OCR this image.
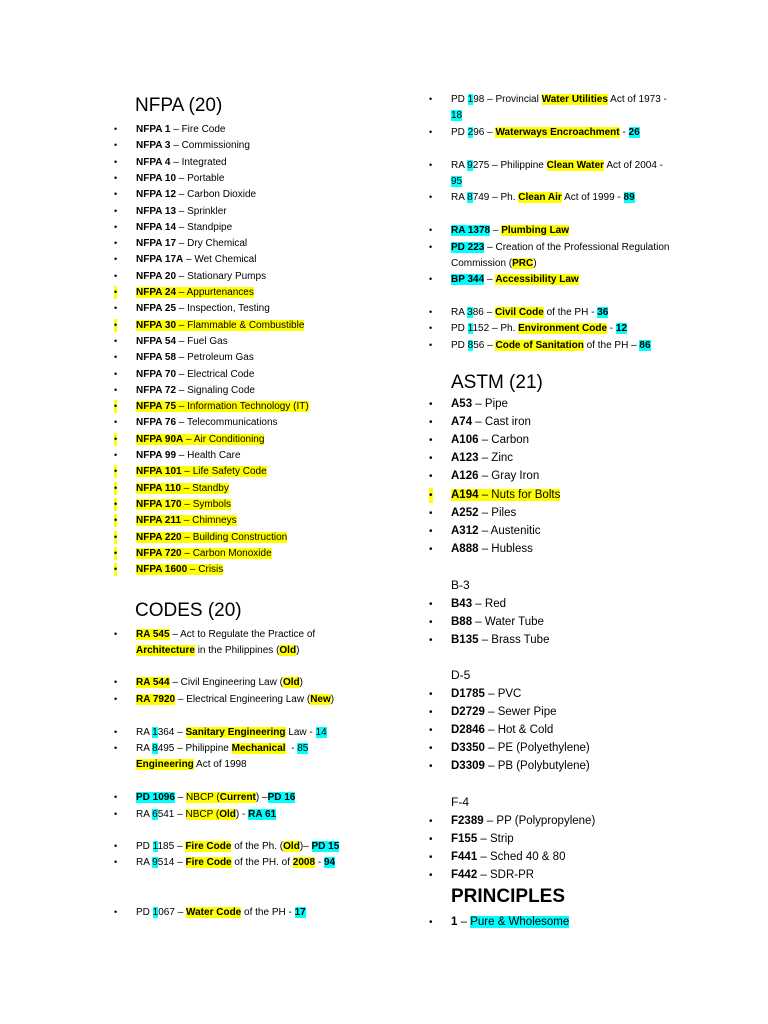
NFPA (20)
• NFPA 1 – Fire Code
• NFPA 3 – Commissioning
• NFPA 4 – Integrated
• NFPA 10 – Portable
• NFPA 12 – Carbon Dioxide
• NFPA 13 – Sprinkler
• NFPA 14 – Standpipe
• NFPA 17 – Dry Chemical
• NFPA 17A – Wet Chemical
• NFPA 20 – Stationary Pumps
• NFPA 24 – Appurtenances
• NFPA 25 – Inspection, Testing
• NFPA 30 – Flammable & Combustible
• NFPA 54 – Fuel Gas
• NFPA 58 – Petroleum Gas
• NFPA 70 – Electrical Code
• NFPA 72 – Signaling Code
• NFPA 75 – Information Technology (IT)
• NFPA 76 – Telecommunications
• NFPA 90A – Air Conditioning
• NFPA 99 – Health Care
• NFPA 101 – Life Safety Code
• NFPA 110 – Standby
• NFPA 170 – Symbols
• NFPA 211 – Chimneys
• NFPA 220 – Building Construction
• NFPA 720 – Carbon Monoxide
• NFPA 1600 – Crisis
CODES (20)
• RA 545 – Act to Regulate the Practice of
Architecture in the Philippines (Old)
• RA 544 – Civil Engineering Law (Old)
• RA 7920 – Electrical Engineering Law (New)
• RA 1364 – Sanitary Engineering Law - 14
• RA 8495 – Philippine Mechanical  - 85
Engineering Act of 1998
• PD 1096 – NBCP (Current) –PD 16
• RA 6541 – NBCP (Old) - RA 61
• PD 1185 – Fire Code of the Ph. (Old)– PD 15
• RA 9514 – Fire Code of the PH. of 2008 - 94
• PD 1067 – Water Code of the PH - 17
• PD 198 – Provincial Water Utilities Act of 1973 -
18
• PD 296 – Waterways Encroachment - 26
• RA 9275 – Philippine Clean Water Act of 2004 -
95
• RA 8749 – Ph. Clean Air Act of 1999 - 89
• RA 1378 – Plumbing Law
• PD 223 – Creation of the Professional Regulation
Commission (PRC)
• BP 344 – Accessibility Law
• RA 386 – Civil Code of the PH - 36
• PD 1152 – Ph. Environment Code - 12
• PD 856 – Code of Sanitation of the PH – 86
ASTM (21)
• A53 – Pipe
• A74 – Cast iron
• A106 – Carbon
• A123 – Zinc
• A126 – Gray Iron
• A194 – Nuts for Bolts
• A252 – Piles
• A312 – Austenitic
• A888 – Hubless
B-3
• B43 – Red
• B88 – Water Tube
• B135 – Brass Tube
D-5
• D1785 – PVC
• D2729 – Sewer Pipe
• D2846 – Hot & Cold
• D3350 – PE (Polyethylene)
• D3309 – PB (Polybutylene)
F-4
• F2389 – PP (Polypropylene)
• F155 – Strip
• F441 – Sched 40 & 80
• F442 – SDR-PR
PRINCIPLES
• 1 – Pure & Wholesome
